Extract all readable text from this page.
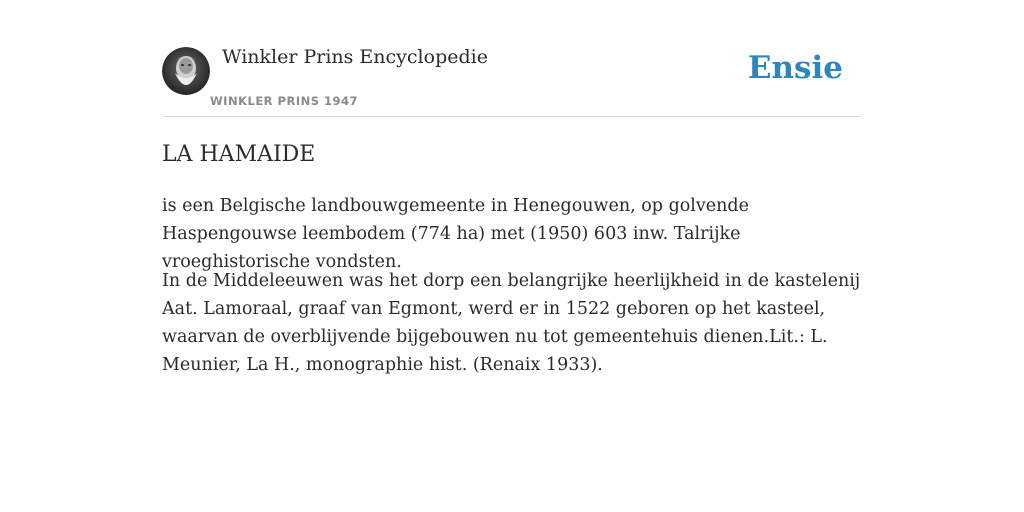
Winkler Prins Encyclopedie
WINKLER PRINS 1947
Ensie
LA HAMAIDE

is een Belgische landbouwgemeente in Henegouwen, op golvende Haspengouwse leembodem (774 ha) met (1950) 603 inw. Talrijke vroeghistorische vondsten.

In de Middeleeuwen was het dorp een belangrijke heerlijkheid in de kastelenij Aat. Lamoraal, graaf van Egmont, werd er in 1522 geboren op het kasteel, waarvan de overblijvende bijgebouwen nu tot gemeentehuis dienen.Lit.: L. Meunier, La H., monographie hist. (Renaix 1933).
